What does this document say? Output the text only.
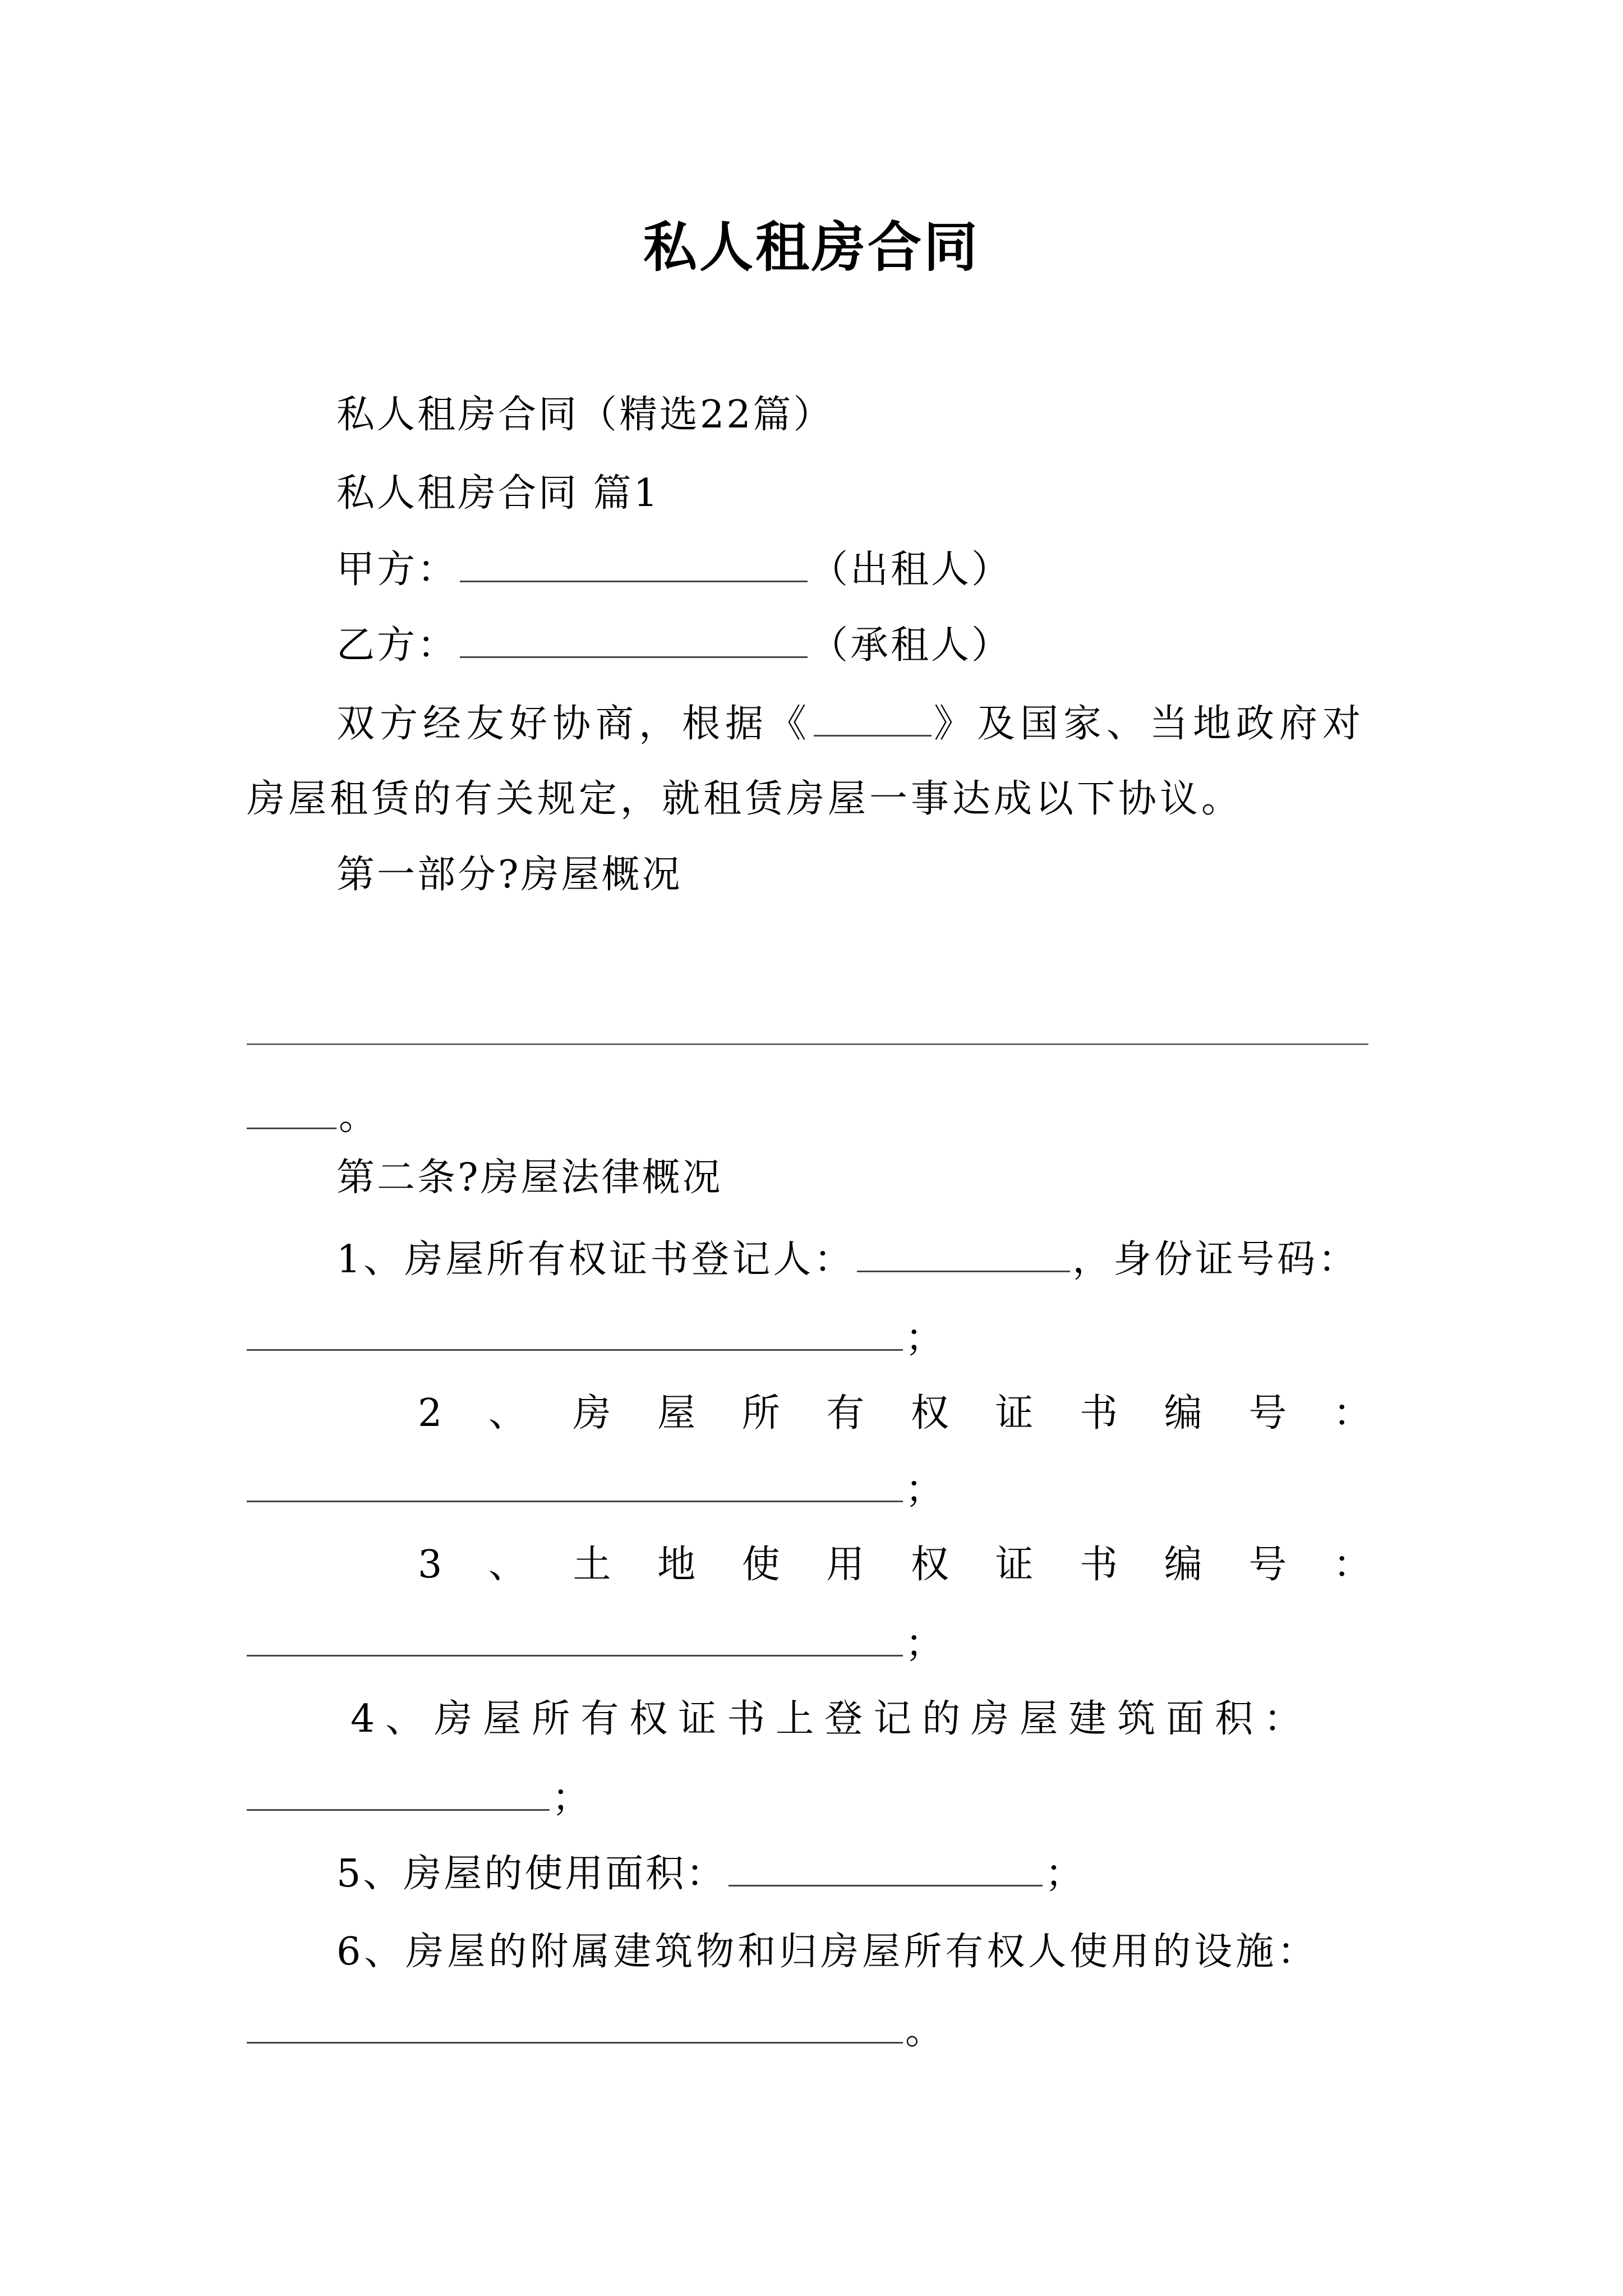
私人租房合同
私人租房合同（精选22篇）
私人租房合同 篇1
甲方：	（出租人）
乙方：	（承租人）
双方经友好协商，根据《	》及国家、当地政府对
房屋租赁的有关规定，就租赁房屋一事达成以下协议。
第一部分?房屋概况
。
第二条?房屋法律概况
1、房屋所有权证书登记人：	，身份证号码：
；
2 、 房 屋 所 有 权 证 书 编 号 ：
；
3 、 土 地 使 用 权 证 书 编 号 ：
；
4、房屋所有权证书上登记的房屋建筑面积：
；
5、房屋的使用面积：	；
6、房屋的附属建筑物和归房屋所有权人使用的设施：
。
